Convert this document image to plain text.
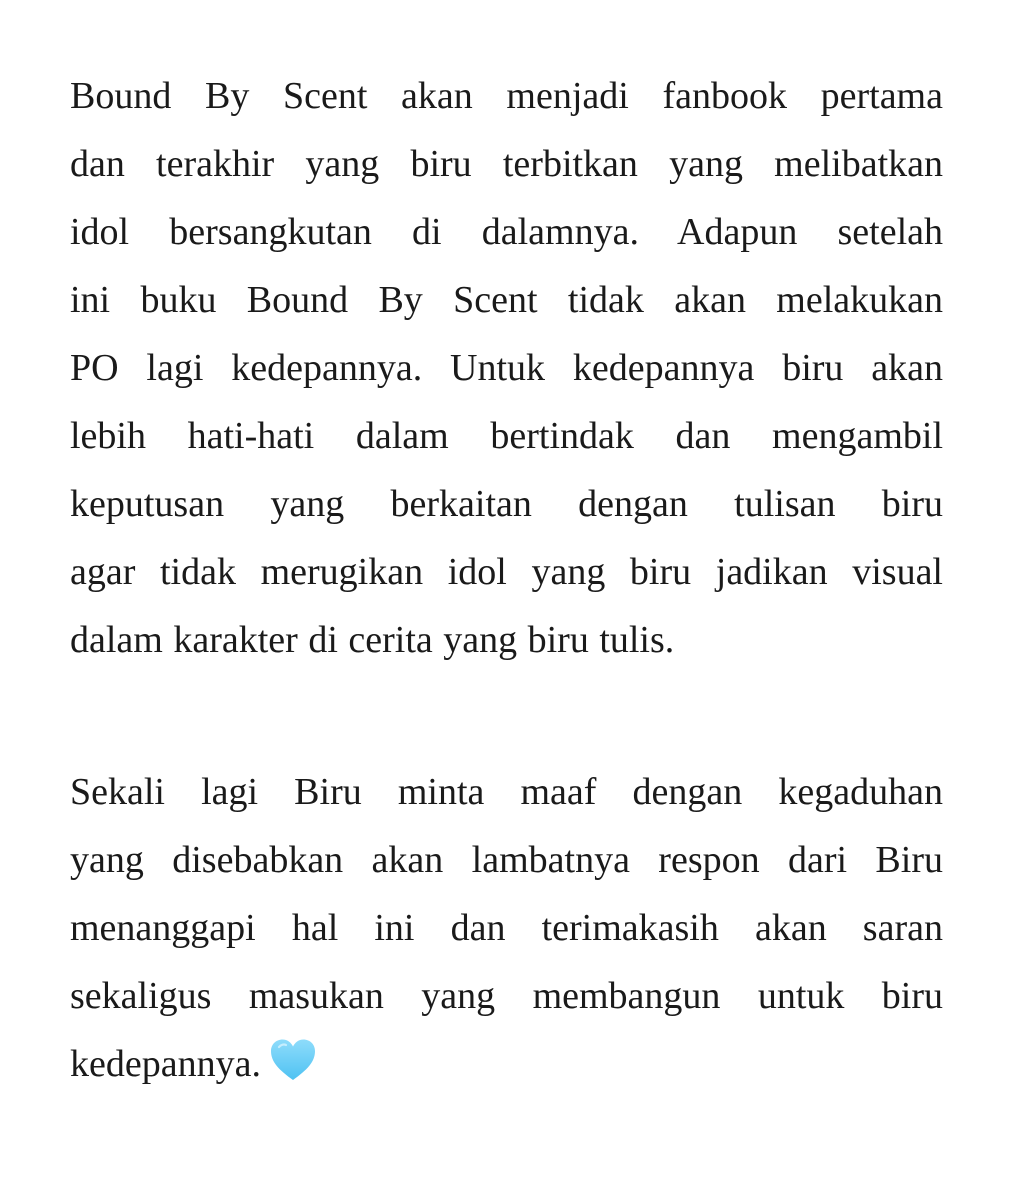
Bound By Scent akan menjadi fanbook pertama
dan terakhir yang biru terbitkan yang melibatkan
idol bersangkutan di dalamnya. Adapun setelah
ini buku Bound By Scent tidak akan melakukan
PO lagi kedepannya. Untuk kedepannya biru akan
lebih hati-hati dalam bertindak dan mengambil
keputusan yang berkaitan dengan tulisan biru
agar tidak merugikan idol yang biru jadikan visual
dalam karakter di cerita yang biru tulis.

Sekali lagi Biru minta maaf dengan kegaduhan
yang disebabkan akan lambatnya respon dari Biru
menanggapi hal ini dan terimakasih akan saran
sekaligus masukan yang membangun untuk biru
kedepannya.
